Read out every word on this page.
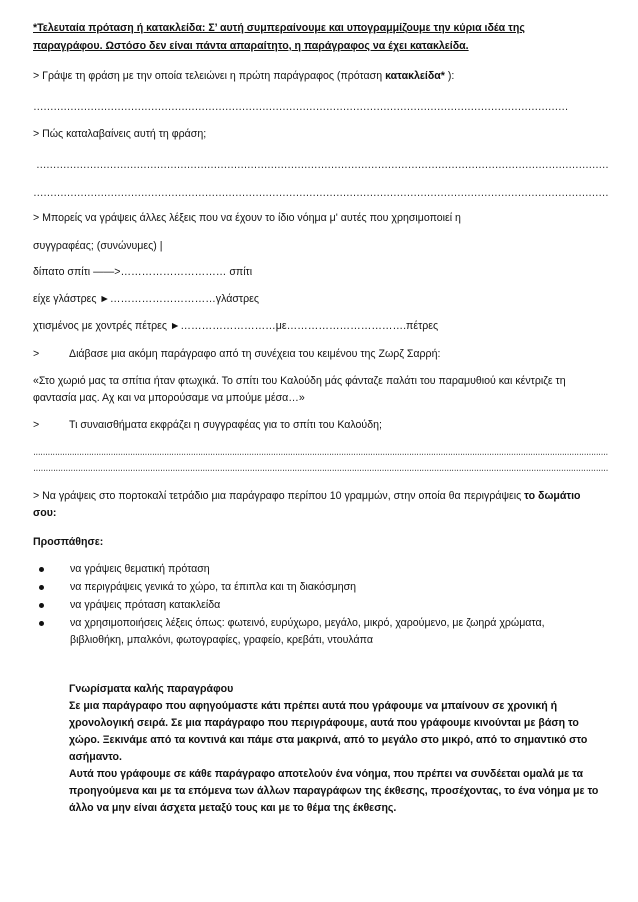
*Τελευταία πρόταση ή κατακλείδα: Σ’ αυτή συμπεραίνουμε και υπογραμμίζουμε την κύρια ιδέα της
παραγράφου. Ωστόσο δεν είναι πάντα απαραίτητο, η παράγραφος να έχει κατακλείδα.
> Γράψε τη φράση με την οποία τελειώνει η πρώτη παράγραφος (πρόταση κατακλείδα* ):
……………………………………………………………………………………………………………………………………………
> Πώς καταλαβαίνεις αυτή τη φράση;
………………………………………………………………………………………………………………………………………………………
………………………………………………………………………………………………………………………………………………………
> Μπορείς να γράψεις άλλες λέξεις που να έχουν το ίδιο νόημα μ' αυτές που χρησιμοποιεί η
συγγραφέας; (συνώνυμες) |
δίπατο σπίτι ——>………………………… σπίτι
είχε γλάστρες ►…………………………γλάστρες
χτισμένος με χοντρές πέτρες ►………………………με…………………………….πέτρες
>	Διάβασε μια ακόμη παράγραφο από τη συνέχεια του κειμένου της Ζωρζ Σαρρή:
«Στο χωριό μας τα σπίτια ήταν φτωχικά. Το σπίτι του Καλούδη μάς φάνταζε παλάτι του παραμυθιού και κέντριζε τη
φαντασία μας. Αχ και να μπορούσαμε να μπούμε μέσα…»
>	Τι συναισθήματα εκφράζει η συγγραφέας για το σπίτι του Καλούδη;
…………………………………………………………………………………………………………………………………………………………………………………………………………………
……………………………………………………………………………………………………………………………………………………………………………………………………………
> Να γράψεις στο πορτοκαλί τετράδιο μια παράγραφο περίπου 10 γραμμών, στην οποία θα περιγράψεις το δωμάτιο
σου:
Προσπάθησε:
να γράψεις θεματική πρόταση
να περιγράψεις γενικά το χώρο, τα έπιπλα και τη διακόσμηση
να γράψεις πρόταση κατακλείδα
να χρησιμοποιήσεις λέξεις όπως: φωτεινό, ευρύχωρο, μεγάλο, μικρό, χαρούμενο, με ζωηρά χρώματα,
βιβλιοθήκη, μπαλκόνι, φωτογραφίες, γραφείο, κρεβάτι, ντουλάπα
Γνωρίσματα καλής παραγράφου
Σε μια παράγραφο που αφηγούμαστε κάτι πρέπει αυτά που γράφουμε να μπαίνουν σε χρονική ή
χρονολογική σειρά. Σε μια παράγραφο που περιγράφουμε, αυτά που γράφουμε κινούνται με βάση το
χώρο. Ξεκινάμε από τα κοντινά και πάμε στα μακρινά, από το μεγάλο στο μικρό, από το σημαντικό στο
ασήμαντο.
Αυτά που γράφουμε σε κάθε παράγραφο αποτελούν ένα νόημα, που πρέπει να συνδέεται ομαλά με τα
προηγούμενα και με τα επόμενα των άλλων παραγράφων της έκθεσης, προσέχοντας, το ένα νόημα με το
άλλο να μην είναι άσχετα μεταξύ τους και με το θέμα της έκθεσης.
